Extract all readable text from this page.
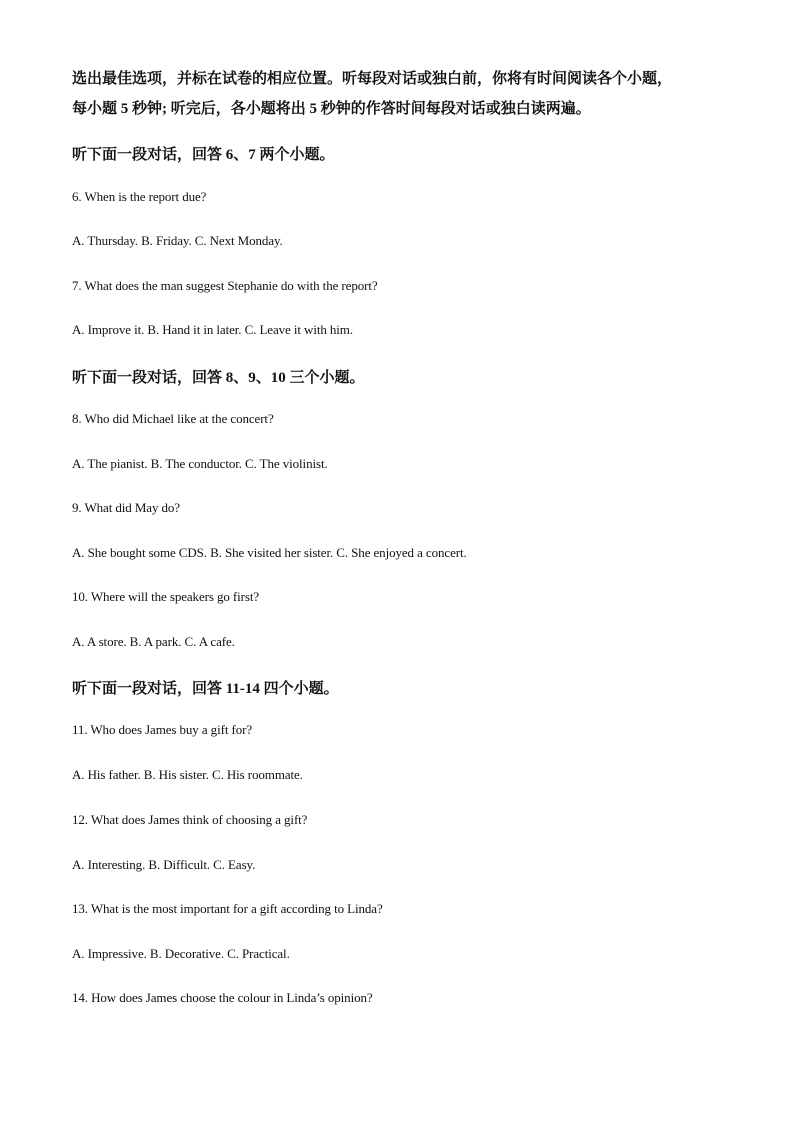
选出最佳选项，并标在试卷的相应位置。听每段对话或独白前，你将有时间阅读各个小题，

每小题 5 秒钟; 听完后，各小题将出 5 秒钟的作答时间每段对话或独白读两遍。

听下面一段对话，回答 6、7 两个小题。

6. When is the report due?

A. Thursday. B. Friday. C. Next Monday.

7. What does the man suggest Stephanie do with the report?

A. Improve it. B. Hand it in later. C. Leave it with him.

听下面一段对话，回答 8、9、10 三个小题。

8. Who did Michael like at the concert?

A. The pianist. B. The conductor. C. The violinist.

9. What did May do?

A. She bought some CDS. B. She visited her sister. C. She enjoyed a concert.

10. Where will the speakers go first?

A. A store. B. A park. C. A cafe.

听下面一段对话，回答 11-14 四个小题。

11. Who does James buy a gift for?

A. His father. B. His sister. C. His roommate.

12. What does James think of choosing a gift?

A. Interesting. B. Difficult. C. Easy.

13. What is the most important for a gift according to Linda?

A. Impressive. B. Decorative. C. Practical.

14. How does James choose the colour in Linda’s opinion?
